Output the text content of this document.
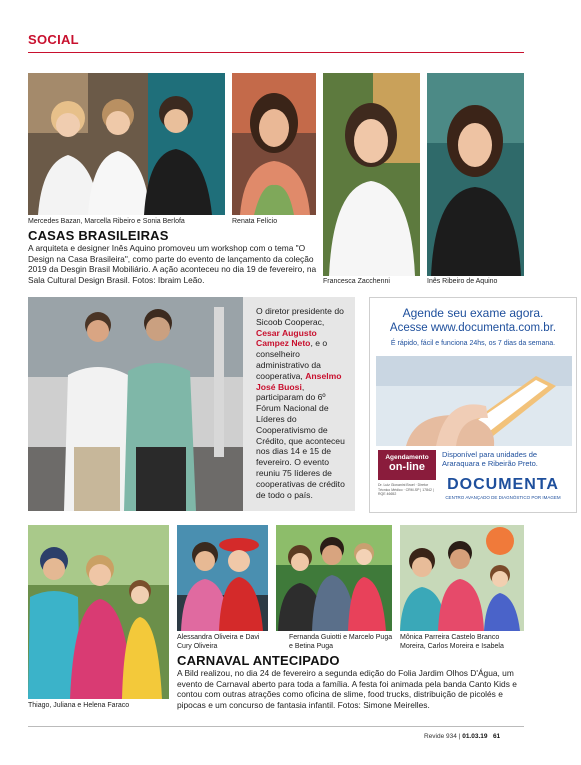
SOCIAL
Mercedes Bazan, Marcella Ribeiro e Sonia Berlofa	Renata Felício
Francesca Zacchenni	Inês Ribeiro de Aquino
CASAS BRASILEIRAS
A arquiteta e designer Inês Aquino promoveu um workshop com o tema "O Design na Casa Brasileira", como parte do evento de lançamento da coleção 2019 da Desgin Brasil Mobiliário. A ação aconteceu no dia 19 de fevereiro, na Sala Cultural Design Brasil. Fotos: Ibraim Leão.
O diretor presidente do Sicoob Cooperac, Cesar Augusto Campez Neto, e o conselheiro administrativo da cooperativa, Anselmo José Buosi, participaram do 6º Fórum Nacional de Líderes do Cooperativismo de Crédito, que aconteceu nos dias 14 e 15 de fevereiro. O evento reuniu 75 líderes de cooperativas de crédito de todo o país.
Agende seu exame agora.
Acesse www.documenta.com.br.
É rápido, fácil e funciona 24hs, os 7 dias da semana.
Agendamento
on-line
Disponível para unidades de Araraquara e Ribeirão Preto.
Dr. Luiz Giovanini Bruel · Diretor Técnico Médico · CRM-SP | 17842 | RQE 46652
DOCUMENTA
CENTRO AVANÇADO DE DIAGNÓSTICO POR IMAGEM
Alessandra Oliveira e Davi Cury Oliveira
Fernanda Guiotti e Marcelo Puga e Betina Puga
Mônica Parreira Castelo Branco Moreira, Carlos Moreira e Isabela
Thiago, Juliana e Helena Faraco
CARNAVAL ANTECIPADO
A Bild realizou, no dia 24 de fevereiro a segunda edição do Folia Jardim Olhos D'Água, um evento de Carnaval aberto para toda a família. A festa foi animada pela banda Canto Kids e contou com outras atrações como oficina de slime, food trucks, distribuição de picolés e pipocas e um concurso de fantasia infantil. Fotos: Simone Meirelles.
Revide 934 | 01.03.19 61
